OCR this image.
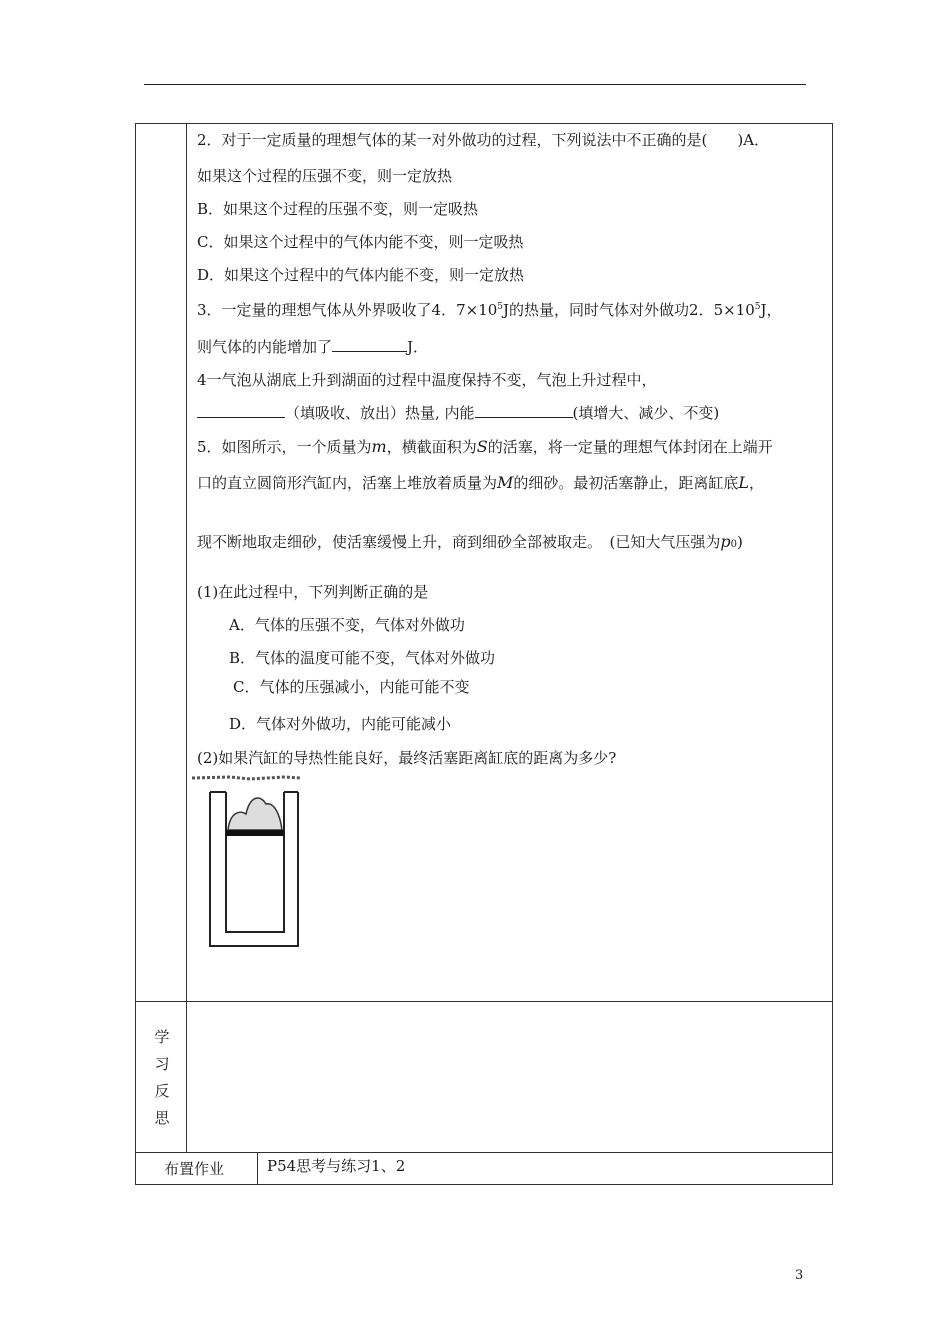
2．对于一定质量的理想气体的某一对外做功的过程，下列说法中不正确的是(　　)A．
如果这个过程的压强不变，则一定放热
B．如果这个过程的压强不变，则一定吸热
C．如果这个过程中的气体内能不变，则一定吸热
D．如果这个过程中的气体内能不变，则一定放热
3．一定量的理想气体从外界吸收了4．$7\times 10^5J$的热量，同时气体对外做功2．$5\times 10^5J$，
则气体的内能增加了	J．
4一气泡从湖底上升到湖面的过程中温度保持不变，气泡上升过程中，
（填吸收、放出）热量, 内能	(填增大、减少、不变)
5．如图所示，一个质量为m，横截面积为S的活塞，将一定量的理想气体封闭在上端开
口的直立圆筒形汽缸内，活塞上堆放着质量为M的细砂。最初活塞静止，距离缸底L，
现不断地取走细砂，使活塞缓慢上升，商到细砂全部被取走。　(已知大气压强为p0)
(1)在此过程中，下列判断正确的是
A．气体的压强不变，气体对外做功
B．气体的温度可能不变，气体对外做功
C．气体的压强减小，内能可能不变
D．气体对外做功，内能可能减小
(2)如果汽缸的导热性能良好，最终活塞距离缸底的距离为多少?
学
习
反
思
布置作业	P54思考与练习1、2
3
